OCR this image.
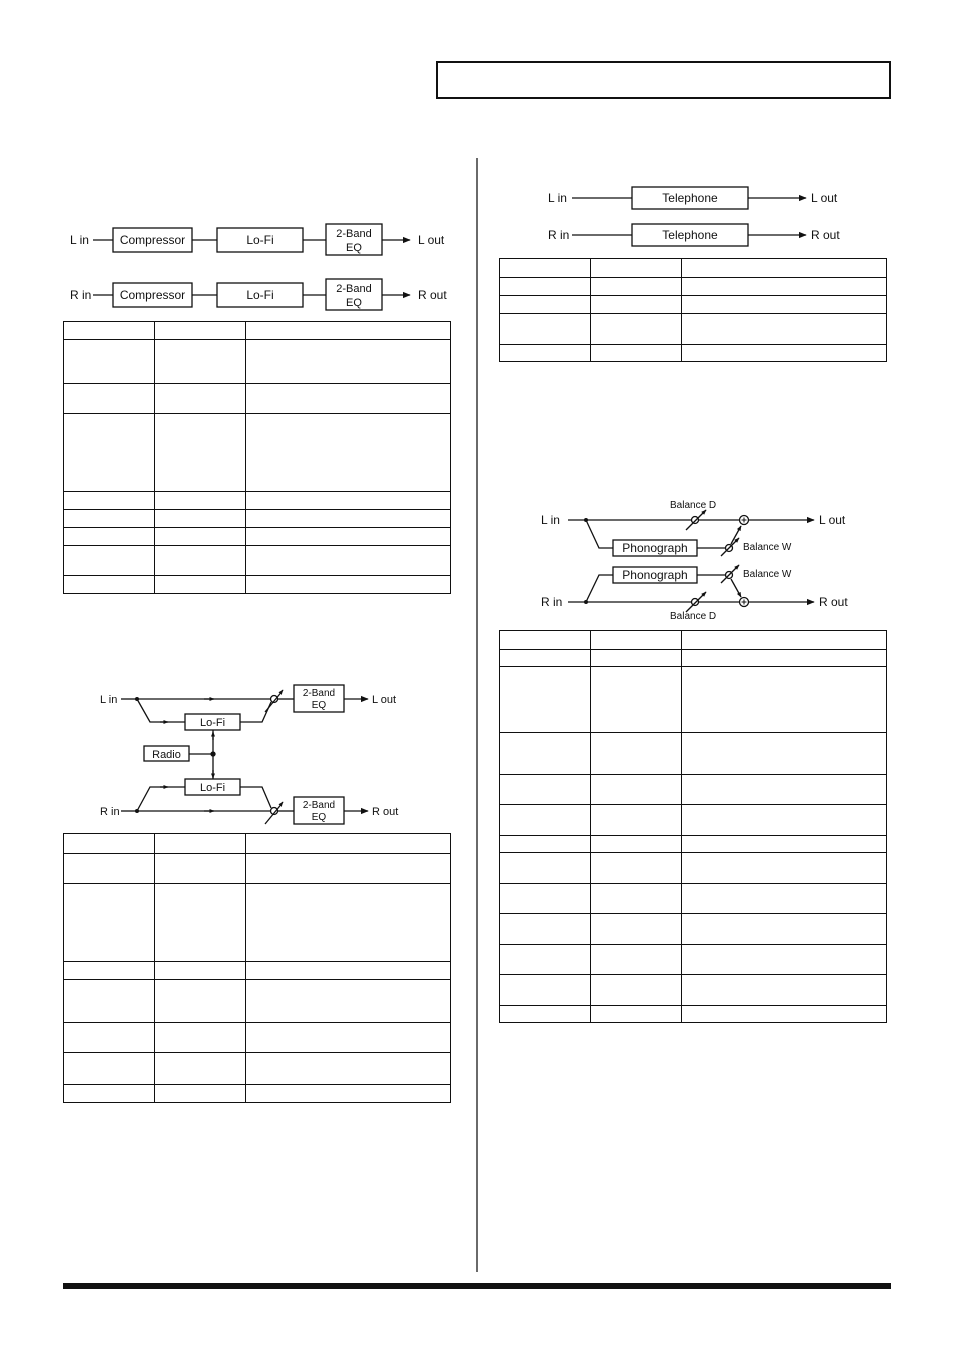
L in
R in
L out
R out
Compressor	Lo-Fi
Compressor	Lo-Fi
2-Band
EQ
2-Band
EQ

L in
R in
L out
R out
Lo-Fi
Lo-Fi
Radio
2-Band
EQ
2-Band
EQ

L in
R in
L out
R out
Telephone
Telephone

L in
R in
L out
R out
Phonograph
Phonograph
Balance D
Balance W
Balance W
Balance D
